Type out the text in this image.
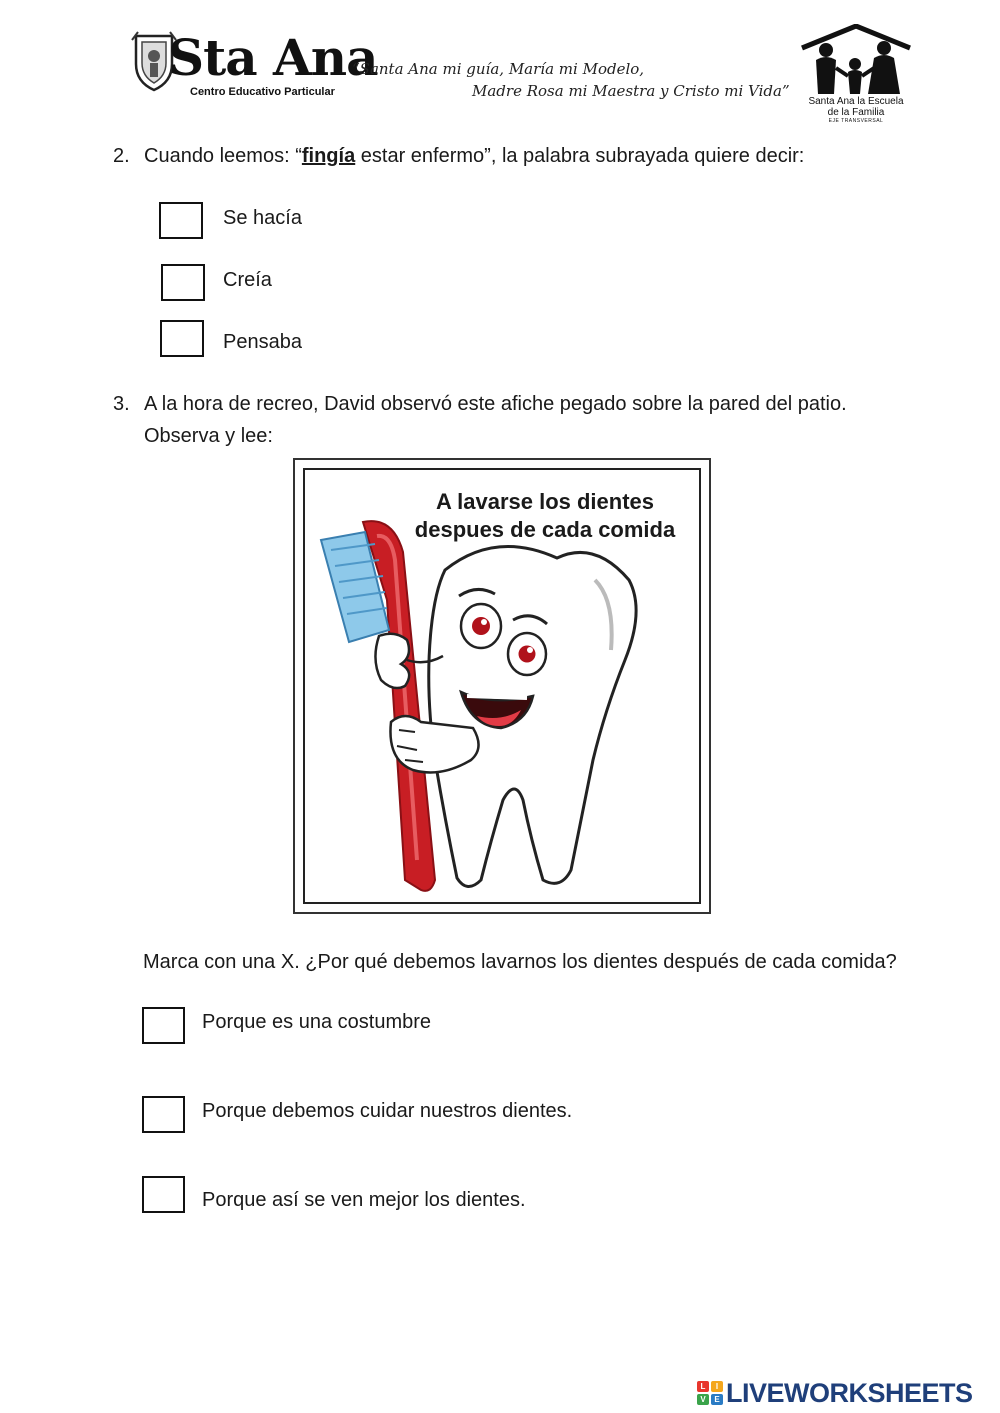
Sta Ana
Centro Educativo Particular
“Santa Ana mi guía, María mi Modelo,
Madre Rosa mi Maestra y Cristo mi Vida”
Santa Ana la Escuela
de la Familia
EJE TRANSVERSAL
2. Cuando leemos: “fingía estar enfermo”, la palabra subrayada quiere decir:
Se hacía
Creía
Pensaba
3. A la hora de recreo, David observó este afiche pegado sobre la pared del patio.
Observa y lee:
A lavarse los dientes
despues de cada comida
Marca con una X. ¿Por qué debemos lavarnos los dientes después de cada comida?
Porque es una costumbre
Porque debemos cuidar nuestros dientes.
Porque así se ven mejor los dientes.
L	I
V	E LIVEWORKSHEETS
